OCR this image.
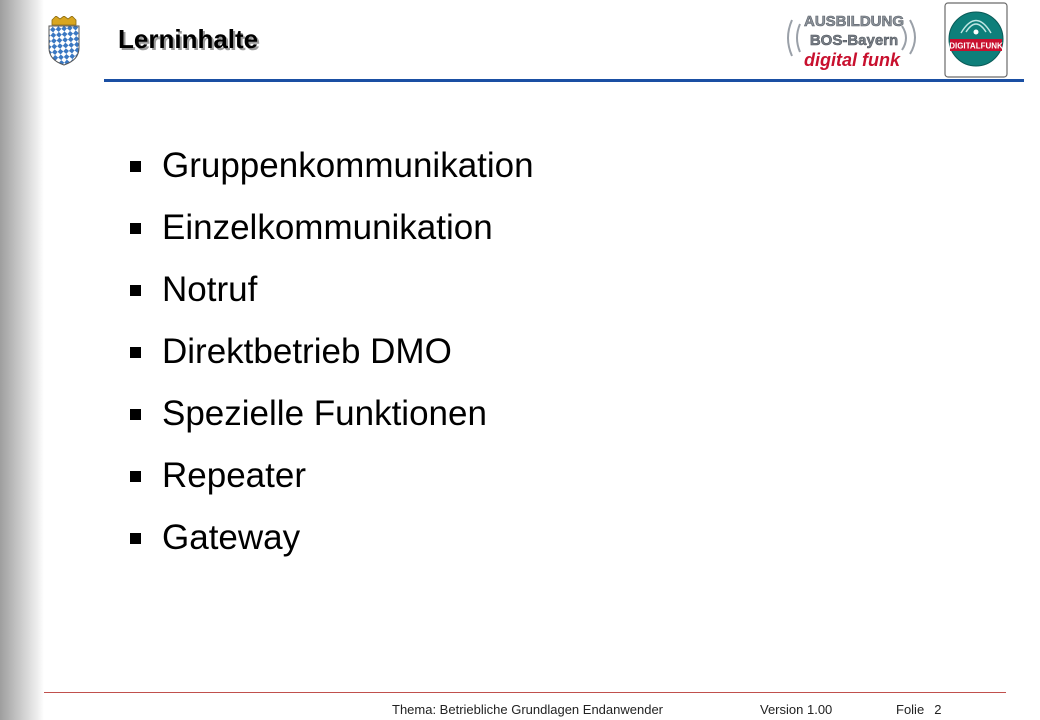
Lerninhalte
AUSBILDUNG
BOS-Bayern
digital funk
DIGITALFUNK
Gruppenkommunikation
Einzelkommunikation
Notruf
Direktbetrieb DMO
Spezielle Funktionen
Repeater
Gateway
Thema: Betriebliche Grundlagen Endanwender	Version 1.00	Folie 2
